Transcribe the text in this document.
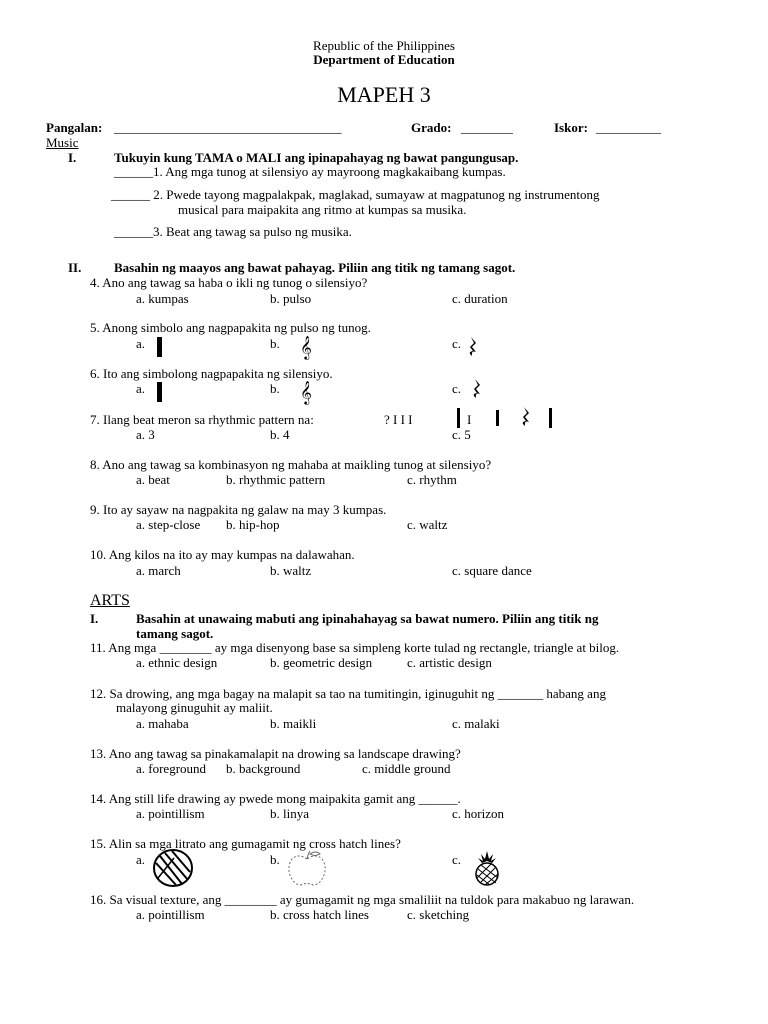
Republic of the Philippines
Department of Education
MAPEH 3
Pangalan: ___________________________________	Grado: ________	Iskor: __________
Music
I.	Tukuyin kung TAMA o MALI ang ipinapahayag ng bawat pangungusap.
______1. Ang mga tunog at silensiyo ay mayroong magkakaibang kumpas.
______ 2. Pwede tayong magpalakpak, maglakad, sumayaw at magpatunog ng instrumentong
musical para maipakita ang ritmo at kumpas sa musika.
______3. Beat ang tawag sa pulso ng musika.
II.	Basahin ng maayos ang bawat pahayag. Piliin ang titik ng tamang sagot.
4. Ano ang tawag sa haba o ikli ng tunog o silensiyo?
a. kumpas	b. pulso	c. duration
5. Anong simbolo ang nagpapakita ng pulso ng tunog.
a.	b. 𝄞	c.
6. Ito ang simbolong nagpapakita ng silensiyo.
a.	b. 𝄞	c.
7. Ilang beat meron sa rhythmic pattern na:	? I I I	I
a. 3	b. 4	c. 5
8. Ano ang tawag sa kombinasyon ng mahaba at maikling tunog at silensiyo?
a. beat	b. rhythmic pattern	c. rhythm
9. Ito ay sayaw na nagpakita ng galaw na may 3 kumpas.
a. step-close b. hip-hop	c. waltz
10. Ang kilos na ito ay may kumpas na dalawahan.
a. march	b. waltz	c. square dance
ARTS
I.	Basahin at unawaing mabuti ang ipinahahayag sa bawat numero. Piliin ang titik ng
tamang sagot.
11. Ang mga ________ ay mga disenyong base sa simpleng korte tulad ng rectangle, triangle at bilog.
a. ethnic design	b. geometric design	c. artistic design
12. Sa drowing, ang mga bagay na malapit sa tao na tumitingin, iginuguhit ng _______ habang ang
malayong ginuguhit ay maliit.
a. mahaba	b. maikli	c. malaki
13. Ano ang tawag sa pinakamalapit na drowing sa landscape drawing?
a. foreground b. background	c. middle ground
14. Ang still life drawing ay pwede mong maipakita gamit ang ______.
a. pointillism	b. linya	c. horizon
15. Alin sa mga litrato ang gumagamit ng cross hatch lines?
a.	b.	c.
16. Sa visual texture, ang ________ ay gumagamit ng mga smaliliit na tuldok para makabuo ng larawan.
a. pointillism	b. cross hatch lines	c. sketching
